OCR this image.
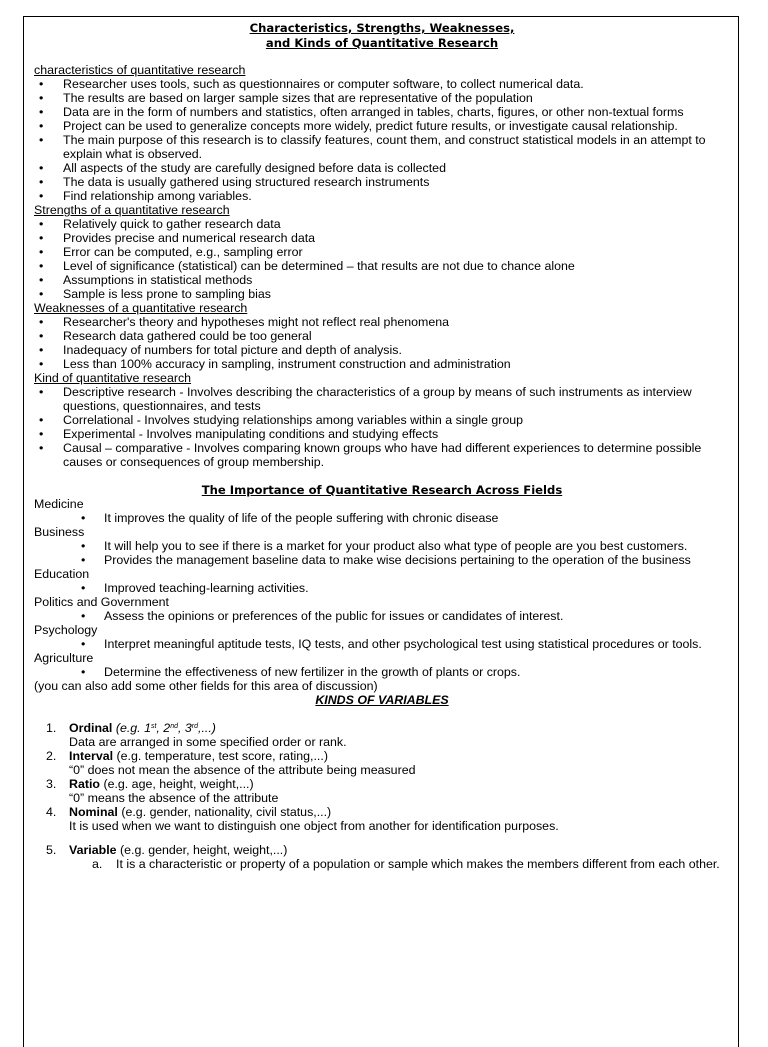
Characteristics, Strengths, Weaknesses,
and Kinds of Quantitative Research
characteristics of quantitative research
• Researcher uses tools, such as questionnaires or computer software, to collect numerical data.
• The results are based on larger sample sizes that are representative of the population
• Data are in the form of numbers and statistics, often arranged in tables, charts, figures, or other non-textual forms
• Project can be used to generalize concepts more widely, predict future results, or investigate causal relationship.
• The main purpose of this research is to classify features, count them, and construct statistical models in an attempt to explain what is observed.
• All aspects of the study are carefully designed before data is collected
• The data is usually gathered using structured research instruments
• Find relationship among variables.
Strengths of a quantitative research
• Relatively quick to gather research data
• Provides precise and numerical research data
• Error can be computed, e.g., sampling error
• Level of significance (statistical) can be determined – that results are not due to chance alone
• Assumptions in statistical methods
• Sample is less prone to sampling bias
Weaknesses of a quantitative research
• Researcher's theory and hypotheses might not reflect real phenomena
• Research data gathered could be too general
• Inadequacy of numbers for total picture and depth of analysis.
• Less than 100% accuracy in sampling, instrument construction and administration
Kind of quantitative research
• Descriptive research - Involves describing the characteristics of a group by means of such instruments as interview questions, questionnaires, and tests
• Correlational - Involves studying relationships among variables within a single group
• Experimental - Involves manipulating conditions and studying effects
• Causal – comparative - Involves comparing known groups who have had different experiences to determine possible causes or consequences of group membership.
The Importance of Quantitative Research Across Fields
Medicine
• It improves the quality of life of the people suffering with chronic disease
Business
• It will help you to see if there is a market for your product also what type of people are you best customers.
• Provides the management baseline data to make wise decisions pertaining to the operation of the business
Education
• Improved teaching-learning activities.
Politics and Government
• Assess the opinions or preferences of the public for issues or candidates of interest.
Psychology
• Interpret meaningful aptitude tests, IQ tests, and other psychological test using statistical procedures or tools.
Agriculture
• Determine the effectiveness of new fertilizer in the growth of plants or crops.
(you can also add some other fields for this area of discussion)
KINDS OF VARIABLES
1. Ordinal (e.g. 1st, 2nd, 3rd,...)
Data are arranged in some specified order or rank.
2. Interval (e.g. temperature, test score, rating,...)
“0” does not mean the absence of the attribute being measured
3. Ratio (e.g. age, height, weight,...)
“0” means the absence of the attribute
4. Nominal (e.g. gender, nationality, civil status,...)
It is used when we want to distinguish one object from another for identification purposes.
5. Variable (e.g. gender, height, weight,...)
a. It is a characteristic or property of a population or sample which makes the members different from each other.
